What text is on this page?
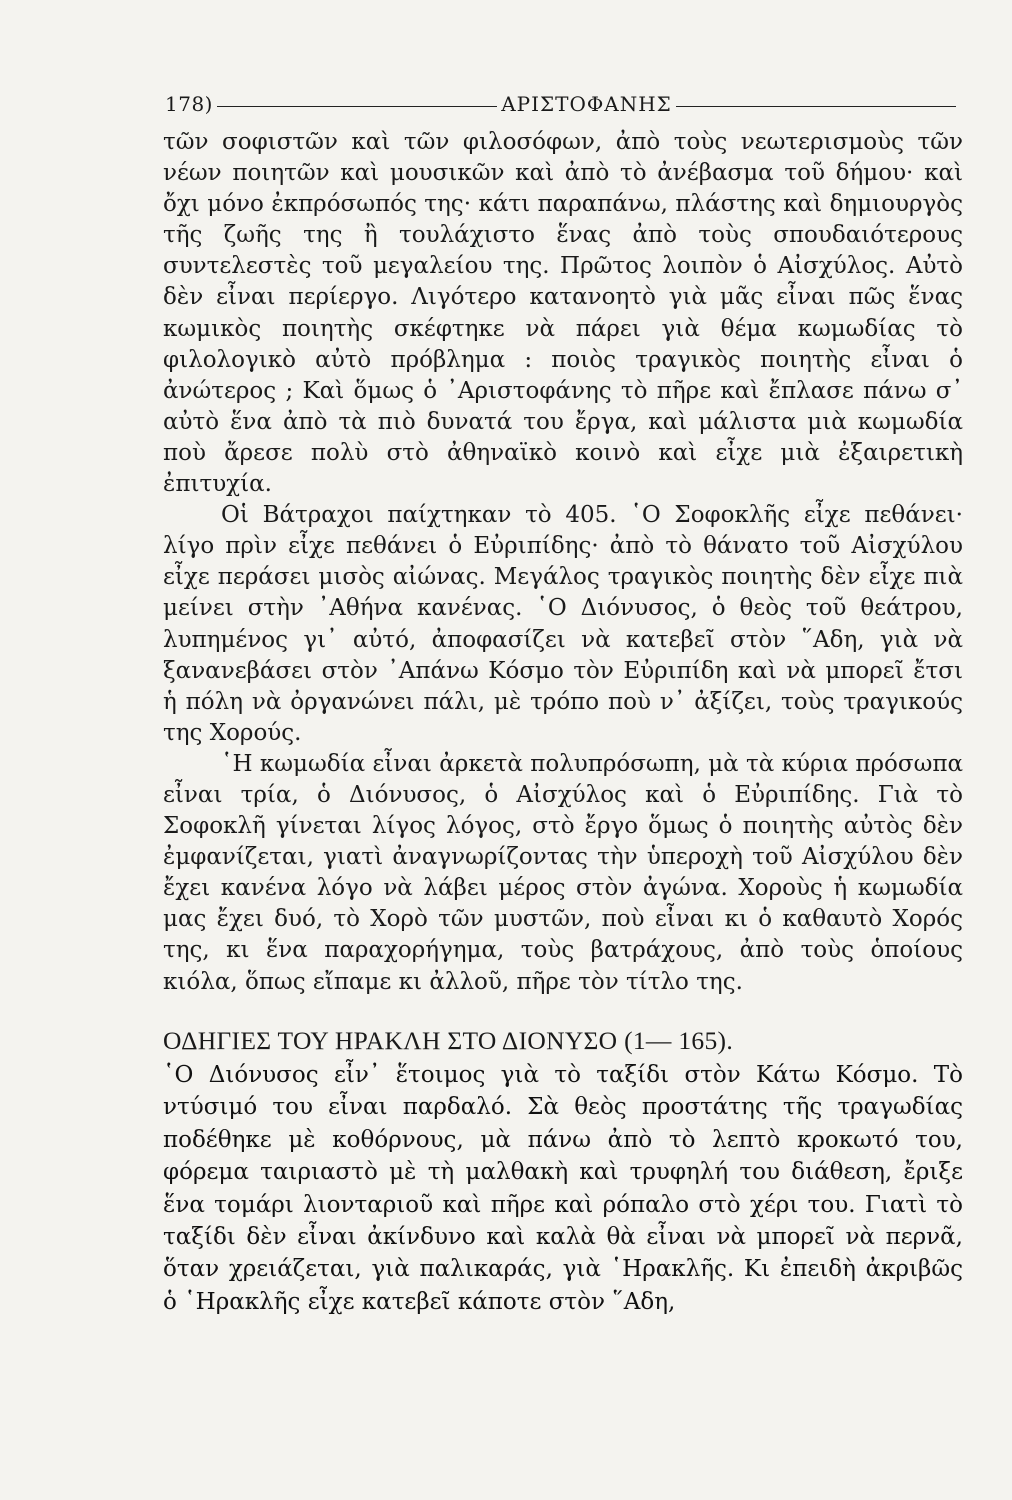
178)	ΑΡΙΣΤΟΦΑΝΗΣ

τῶν σοφιστῶν καὶ τῶν φιλοσόφων, ἀπὸ τοὺς νεωτερισμοὺς τῶν νέων ποιητῶν καὶ μουσικῶν καὶ ἀπὸ τὸ ἀνέβασμα τοῦ δήμου· καὶ ὄχι μόνο ἐκπρόσωπός της· κάτι παραπάνω, πλάστης καὶ δημιουργὸς τῆς ζωῆς της ἢ τουλάχιστο ἕνας ἀπὸ τοὺς σπουδαιότερους συντελεστὲς τοῦ μεγαλείου της. Πρῶτος λοιπὸν ὁ Αἰσχύλος. Αὐτὸ δὲν εἶναι περίεργο. Λιγότερο κατανοητὸ γιὰ μᾶς εἶναι πῶς ἕνας κωμικὸς ποιητὴς σκέφτηκε νὰ πάρει γιὰ θέμα κωμωδίας τὸ φιλολογικὸ αὐτὸ πρόβλημα : ποιὸς τραγικὸς ποιητὴς εἶναι ὁ ἀνώτερος ; Καὶ ὅμως ὁ ᾿Αριστοφάνης τὸ πῆρε καὶ ἔπλασε πάνω σ᾿ αὐτὸ ἕνα ἀπὸ τὰ πιὸ δυνατά του ἔργα, καὶ μάλιστα μιὰ κωμωδία ποὺ ἄρεσε πολὺ στὸ ἀθηναϊκὸ κοινὸ καὶ εἶχε μιὰ ἐξαιρετικὴ ἐπιτυχία.

Οἱ Βάτραχοι παίχτηκαν τὸ 405. ῾Ο Σοφοκλῆς εἶχε πεθάνει· λίγο πρὶν εἶχε πεθάνει ὁ Εὐριπίδης· ἀπὸ τὸ θάνατο τοῦ Αἰσχύλου εἶχε περάσει μισὸς αἰώνας. Μεγάλος τραγικὸς ποιητὴς δὲν εἶχε πιὰ μείνει στὴν ᾿Αθήνα κανένας. ῾Ο Διόνυσος, ὁ θεὸς τοῦ θεάτρου, λυπημένος γι᾿ αὐτό, ἀποφασίζει νὰ κατεβεῖ στὸν ῞Αδη, γιὰ νὰ ξανανεβάσει στὸν ᾿Απάνω Κόσμο τὸν Εὐριπίδη καὶ νὰ μπορεῖ ἔτσι ἡ πόλη νὰ ὀργανώνει πάλι, μὲ τρόπο ποὺ ν᾿ ἀξίζει, τοὺς τραγικούς της Χορούς.

῾Η κωμωδία εἶναι ἀρκετὰ πολυπρόσωπη, μὰ τὰ κύρια πρόσωπα εἶναι τρία, ὁ Διόνυσος, ὁ Αἰσχύλος καὶ ὁ Εὐριπίδης. Γιὰ τὸ Σοφοκλῆ γίνεται λίγος λόγος, στὸ ἔργο ὅμως ὁ ποιητὴς αὐτὸς δὲν ἐμφανίζεται, γιατὶ ἀναγνωρίζοντας τὴν ὑπεροχὴ τοῦ Αἰσχύλου δὲν ἔχει κανένα λόγο νὰ λάβει μέρος στὸν ἀγώνα. Χοροὺς ἡ κωμωδία μας ἔχει δυό, τὸ Χορὸ τῶν μυστῶν, ποὺ εἶναι κι ὁ καθαυτὸ Χορός της, κι ἕνα παραχορήγημα, τοὺς βατράχους, ἀπὸ τοὺς ὁποίους κιόλα, ὅπως εἴπαμε κι ἀλλοῦ, πῆρε τὸν τίτλο της.

ΟΔΗΓΙΕΣ ΤΟΥ ΗΡΑΚΛΗ ΣΤΟ ΔΙΟΝΥΣΟ (1— 165).

῾Ο Διόνυσος εἶν᾿ ἕτοιμος γιὰ τὸ ταξίδι στὸν Κάτω Κόσμο. Τὸ ντύσιμό του εἶναι παρδαλό. Σὰ θεὸς προστάτης τῆς τραγωδίας ποδέθηκε μὲ κοθόρνους, μὰ πάνω ἀπὸ τὸ λεπτὸ κροκωτό του, φόρεμα ταιριαστὸ μὲ τὴ μαλθακὴ καὶ τρυφηλή του διάθεση, ἔριξε ἕνα τομάρι λιονταριοῦ καὶ πῆρε καὶ ρόπαλο στὸ χέρι του. Γιατὶ τὸ ταξίδι δὲν εἶναι ἀκίνδυνο καὶ καλὰ θὰ εἶναι νὰ μπορεῖ νὰ περνᾶ, ὅταν χρειάζεται, γιὰ παλικαράς, γιὰ ῾Ηρακλῆς. Κι ἐπειδὴ ἀκριβῶς ὁ ῾Ηρακλῆς εἶχε κατεβεῖ κάποτε στὸν ῞Αδη,
